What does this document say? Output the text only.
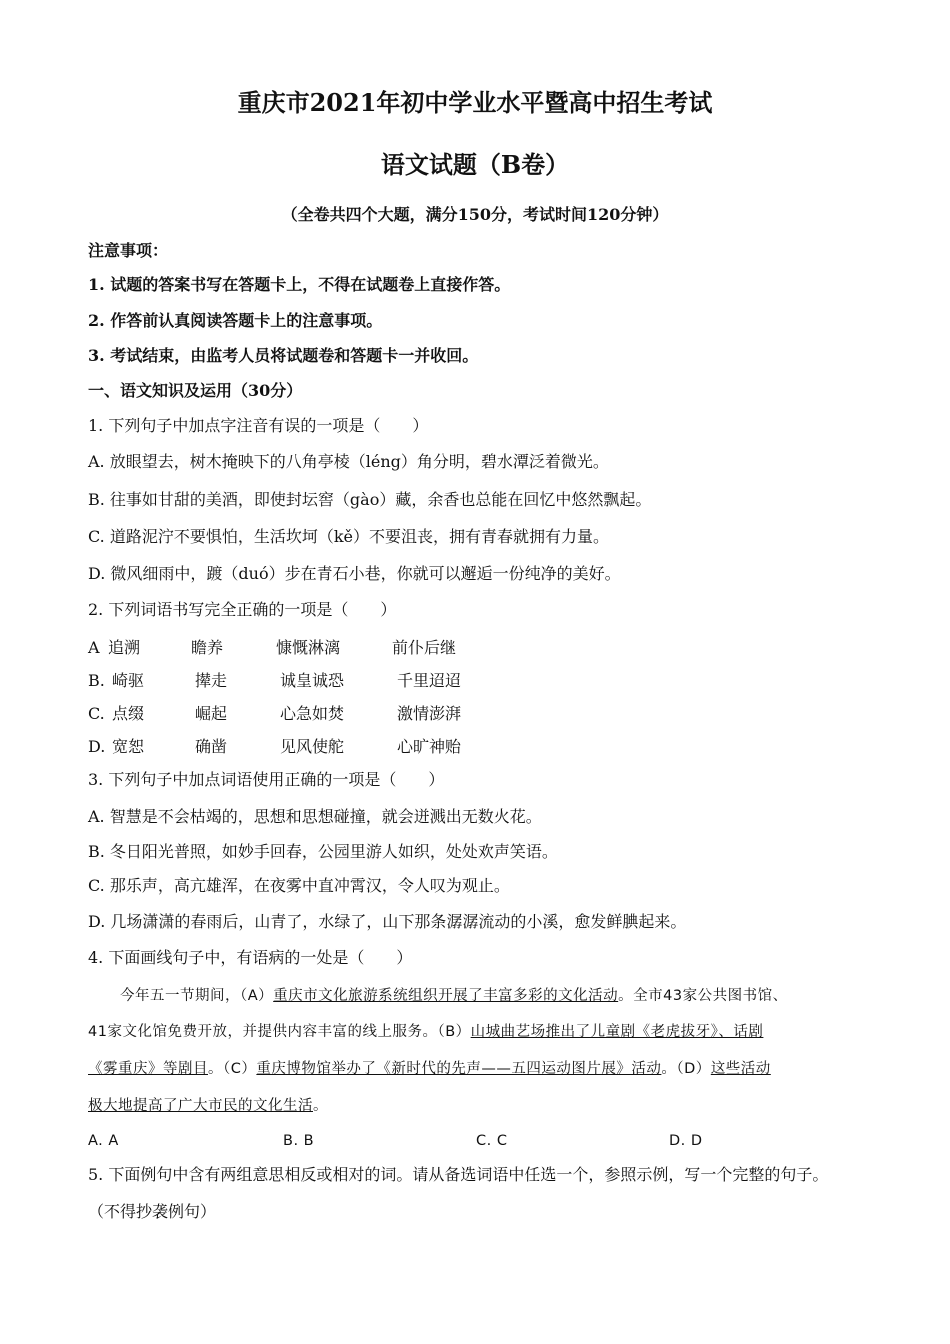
重庆市2021年初中学业水平暨高中招生考试
语文试题（B卷）
（全卷共四个大题，满分150分，考试时间120分钟）
注意事项：
1. 试题的答案书写在答题卡上，不得在试题卷上直接作答。
2. 作答前认真阅读答题卡上的注意事项。
3. 考试结束，由监考人员将试题卷和答题卡一并收回。
一、语文知识及运用（30分）
1. 下列句子中加点字注音有误的一项是（　　）
A. 放眼望去，树木掩映下的八角亭棱（léng）角分明，碧水潭泛着微光。
B. 往事如甘甜的美酒，即使封坛窖（gào）藏，余香也总能在回忆中悠然飘起。
C. 道路泥泞不要惧怕，生活坎坷（kě）不要沮丧，拥有青春就拥有力量。
D. 微风细雨中，踱（duó）步在青石小巷，你就可以邂逅一份纯净的美好。
2. 下列词语书写完全正确的一项是（　　）
A 追溯	瞻养	慷慨淋漓	前仆后继
B. 崎驱	撵走	诚皇诚恐	千里迢迢
C. 点缀	崛起	心急如焚	激情澎湃
D. 宽恕	确凿	见风使舵	心旷神贻
3. 下列句子中加点词语使用正确的一项是（　　）
A. 智慧是不会枯竭的，思想和思想碰撞，就会迸溅出无数火花。
B. 冬日阳光普照，如妙手回春，公园里游人如织，处处欢声笑语。
C. 那乐声，高亢雄浑，在夜雾中直冲霄汉，令人叹为观止。
D. 几场潇潇的春雨后，山青了，水绿了，山下那条潺潺流动的小溪，愈发鲜腆起来。
4. 下面画线句子中，有语病的一处是（　　）
今年五一节期间，（A）重庆市文化旅游系统组织开展了丰富多彩的文化活动。全市43家公共图书馆、
41家文化馆免费开放，并提供内容丰富的线上服务。（B）山城曲艺场推出了儿童剧《老虎拔牙》、话剧
《雾重庆》等剧目。（C）重庆博物馆举办了《新时代的先声——五四运动图片展》活动。（D）这些活动
极大地提高了广大市民的文化生活。
A. A	B. B	C. C	D. D
5. 下面例句中含有两组意思相反或相对的词。请从备选词语中任选一个，参照示例，写一个完整的句子。
（不得抄袭例句）
